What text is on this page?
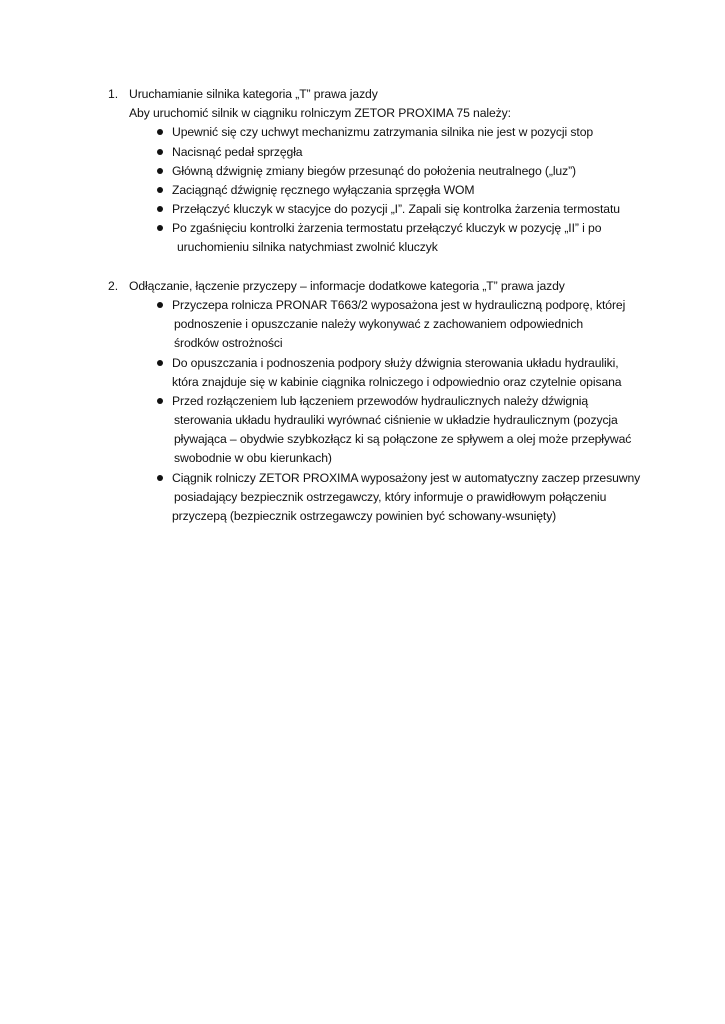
1. Uruchamianie silnika kategoria „T” prawa jazdy
Aby uruchomić silnik w ciągniku rolniczym ZETOR PROXIMA 75 należy:
Upewnić się czy uchwyt mechanizmu zatrzymania silnika nie jest w pozycji stop
Nacisnąć pedał sprzęgła
Główną dźwignię zmiany biegów przesunąć do położenia neutralnego („luz”)
Zaciągnąć dźwignię ręcznego wyłączania sprzęgła WOM
Przełączyć kluczyk w stacyjce do pozycji „I”. Zapali się kontrolka żarzenia termostatu
Po zgaśnięciu kontrolki żarzenia termostatu przełączyć kluczyk w pozycję „II” i po
uruchomieniu silnika natychmiast zwolnić kluczyk
2. Odłączanie, łączenie przyczepy – informacje dodatkowe kategoria „T” prawa jazdy
Przyczepa rolnicza PRONAR T663/2 wyposażona jest w hydrauliczną podporę, której
podnoszenie i opuszczanie należy wykonywać z zachowaniem odpowiednich
środków ostrożności
Do opuszczania i podnoszenia podpory służy dźwignia sterowania układu hydrauliki,
która znajduje się w kabinie ciągnika rolniczego i odpowiednio oraz czytelnie opisana
Przed rozłączeniem lub łączeniem przewodów hydraulicznych należy dźwignią
sterowania układu hydrauliki wyrównać ciśnienie w układzie hydraulicznym (pozycja
pływająca – obydwie szybkozłącz ki są połączone ze spływem a olej może przepływać
swobodnie w obu kierunkach)
Ciągnik rolniczy ZETOR PROXIMA wyposażony jest w automatyczny zaczep przesuwny
posiadający bezpiecznik ostrzegawczy, który informuje o prawidłowym połączeniu
przyczepą (bezpiecznik ostrzegawczy powinien być schowany-wsunięty)
